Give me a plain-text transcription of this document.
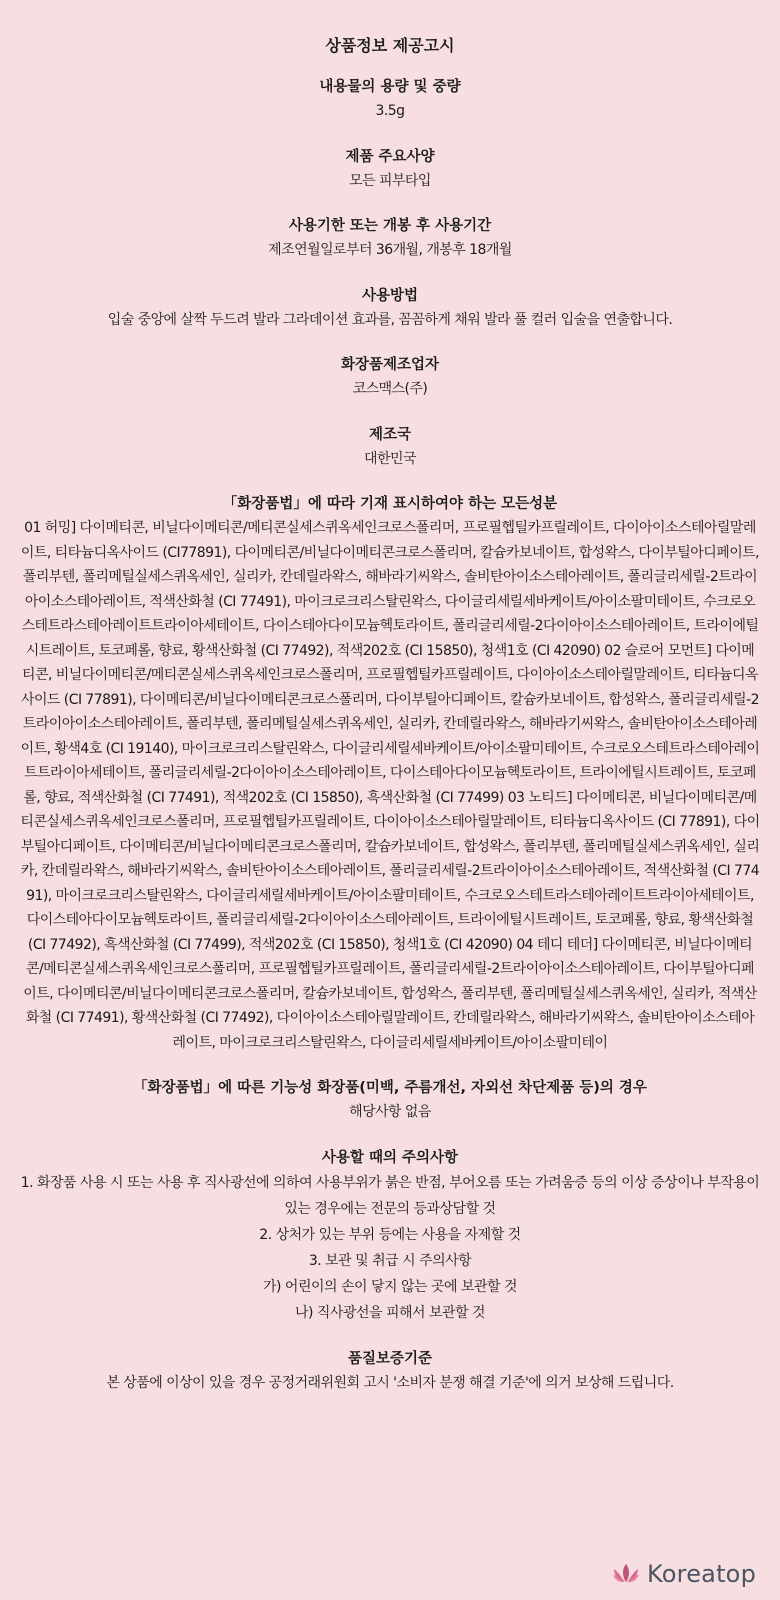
상품정보 제공고시
내용물의 용량 및 중량
3.5g
제품 주요사양
모든 피부타입
사용기한 또는 개봉 후 사용기간
제조연월일로부터 36개월, 개봉후 18개월
사용방법
입술 중앙에 살짝 두드려 발라 그라데이션 효과를, 꼼꼼하게 채워 발라 풀 컬러 입술을 연출합니다.
화장품제조업자
코스맥스(주)
제조국
대한민국
「화장품법」에 따라 기재 표시하여야 하는 모든성분
01 허밍] 다이메티콘, 비닐다이메티콘/메티콘실세스퀴옥세인크로스폴리머, 프로필헵틸카프릴레이트, 다이아이소스테아릴말레이트, 티타늄디옥사이드 (CI77891), 다이메티콘/비닐다이메티콘크로스폴리머, 칼슘카보네이트, 합성왁스, 다이부틸아디페이트, 폴리부텐, 폴리메틸실세스퀴옥세인, 실리카, 칸데릴라왁스, 해바라기씨왁스, 솔비탄아이소스테아레이트, 폴리글리세릴-2트라이아이소스테아레이트, 적색산화철 (CI 77491), 마이크로크리스탈린왁스, 다이글리세릴세바케이트/아이소팔미테이트, 수크로오스테트라스테아레이트트라이아세테이트, 다이스테아다이모늄헥토라이트, 폴리글리세릴-2다이아이소스테아레이트, 트라이에틸시트레이트, 토코페롤, 향료, 황색산화철 (CI 77492), 적색202호 (CI 15850), 청색1호 (CI 42090) 02 슬로어 모먼트] 다이메티콘, 비닐다이메티콘/메티콘실세스퀴옥세인크로스폴리머, 프로필헵틸카프릴레이트, 다이아이소스테아릴말레이트, 티타늄디옥사이드 (CI 77891), 다이메티콘/비닐다이메티콘크로스폴리머, 다이부틸아디페이트, 칼슘카보네이트, 합성왁스, 폴리글리세릴-2트라이아이소스테아레이트, 폴리부텐, 폴리메틸실세스퀴옥세인, 실리카, 칸데릴라왁스, 해바라기씨왁스, 솔비탄아이소스테아레이트, 황색4호 (CI 19140), 마이크로크리스탈린왁스, 다이글리세릴세바케이트/아이소팔미테이트, 수크로오스테트라스테아레이트트라이아세테이트, 폴리글리세릴-2다이아이소스테아레이트, 다이스테아다이모늄헥토라이트, 트라이에틸시트레이트, 토코페롤, 향료, 적색산화철 (CI 77491), 적색202호 (CI 15850), 흑색산화철 (CI 77499) 03 노티드] 다이메티콘, 비닐다이메티콘/메티콘실세스퀴옥세인크로스폴리머, 프로필헵틸카프릴레이트, 다이아이소스테아릴말레이트, 티타늄디옥사이드 (CI 77891), 다이부틸아디페이트, 다이메티콘/비닐다이메티콘크로스폴리머, 칼슘카보네이트, 합성왁스, 폴리부텐, 폴리메틸실세스퀴옥세인, 실리카, 칸데릴라왁스, 해바라기씨왁스, 솔비탄아이소스테아레이트, 폴리글리세릴-2트라이아이소스테아레이트, 적색산화철 (CI 77491), 마이크로크리스탈린왁스, 다이글리세릴세바케이트/아이소팔미테이트, 수크로오스테트라스테아레이트트라이아세테이트, 다이스테아다이모늄헥토라이트, 폴리글리세릴-2다이아이소스테아레이트, 트라이에틸시트레이트, 토코페롤, 향료, 황색산화철 (CI 77492), 흑색산화철 (CI 77499), 적색202호 (CI 15850), 청색1호 (CI 42090) 04 테디 테더] 다이메티콘, 비닐다이메티콘/메티콘실세스퀴옥세인크로스폴리머, 프로필헵틸카프릴레이트, 폴리글리세릴-2트라이아이소스테아레이트, 다이부틸아디페이트, 다이메티콘/비닐다이메티콘크로스폴리머, 칼슘카보네이트, 합성왁스, 폴리부텐, 폴리메틸실세스퀴옥세인, 실리카, 적색산화철 (CI 77491), 황색산화철 (CI 77492), 다이아이소스테아릴말레이트, 칸데릴라왁스, 해바라기씨왁스, 솔비탄아이소스테아레이트, 마이크로크리스탈린왁스, 다이글리세릴세바케이트/아이소팔미테이
「화장품법」에 따른 기능성 화장품(미백, 주름개선, 자외선 차단제품 등)의 경우
해당사항 없음
사용할 때의 주의사항
1. 화장품 사용 시 또는 사용 후 직사광선에 의하여 사용부위가 붉은 반점, 부어오름 또는 가려움증 등의 이상 증상이나 부작용이 있는 경우에는 전문의 등과상담할 것
2. 상처가 있는 부위 등에는 사용을 자제할 것
3. 보관 및 취급 시 주의사항
가) 어린이의 손이 닿지 않는 곳에 보관할 것
나) 직사광선을 피해서 보관할 것
품질보증기준
본 상품에 이상이 있을 경우 공정거래위원회 고시 '소비자 분쟁 해결 기준'에 의거 보상해 드립니다.
Koreatop
